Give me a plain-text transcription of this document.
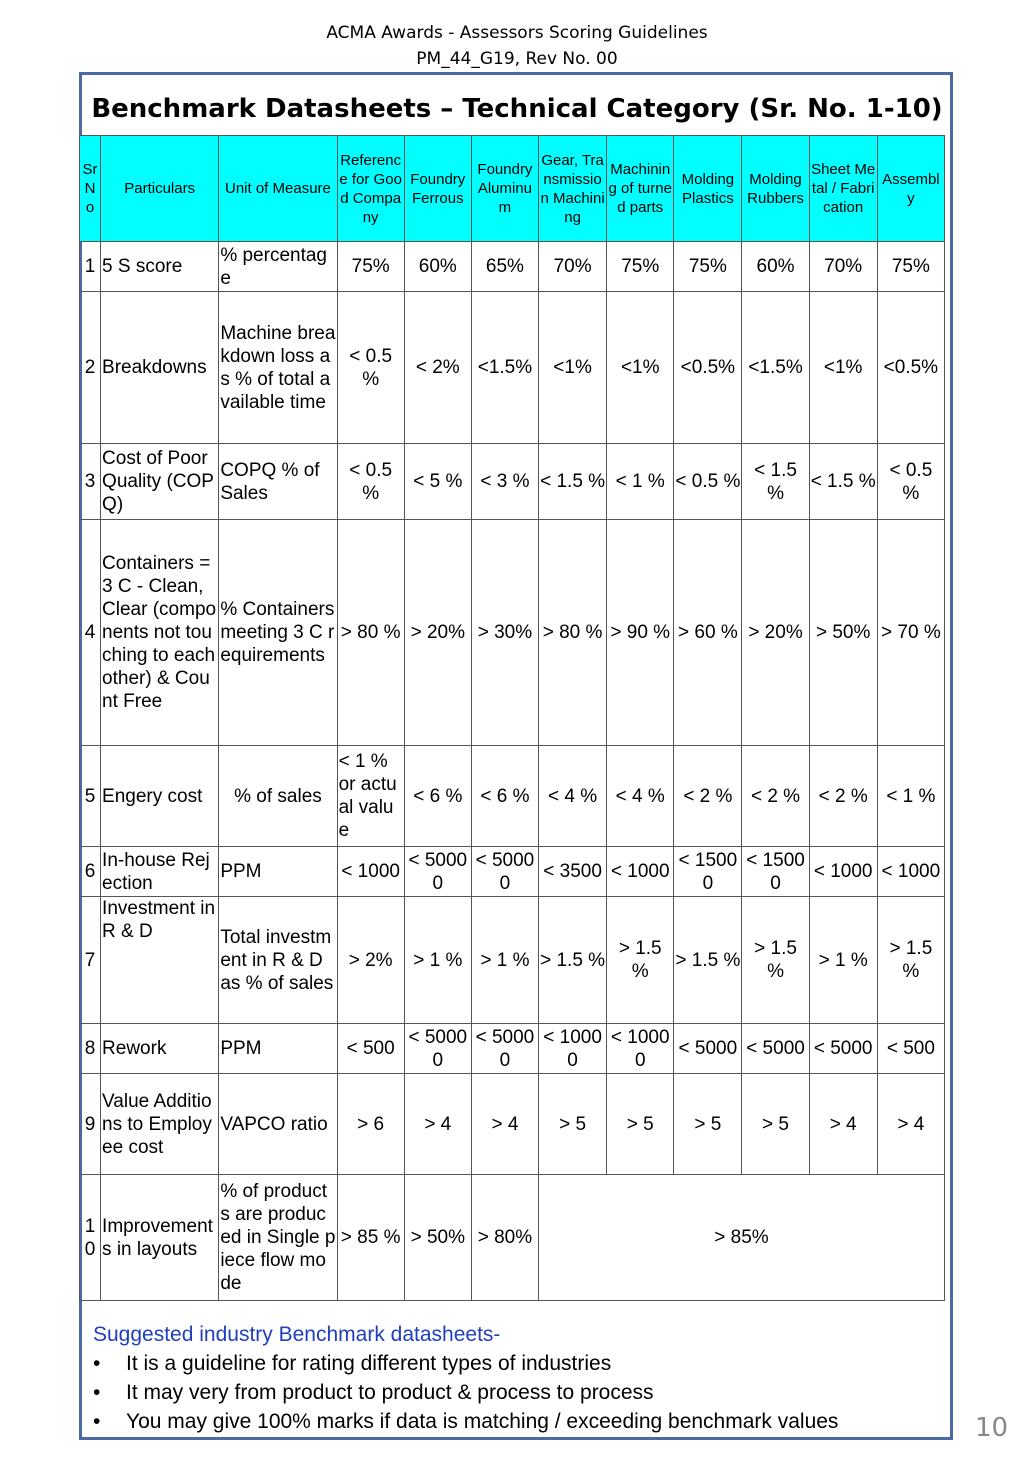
ACMA Awards - Assessors Scoring Guidelines
PM_44_G19, Rev No. 00
Benchmark Datasheets – Technical Category (Sr. No. 1-10)
Sr No	Particulars	Unit of Measure	Reference for Good Company	Foundry Ferrous	Foundry Aluminum	Gear, Transmission Machining	Machining of turned parts	Molding Plastics	Molding Rubbers	Sheet Metal / Fabrication	Assembly
1	5 S score	% percentage	75%	60%	65%	70%	75%	75%	60%	70%	75%
2	Breakdowns	Machine breakdown loss as % of total available time	< 0.5 %	< 2%	<1.5%	<1%	<1%	<0.5%	<1.5%	<1%	<0.5%
3	Cost of Poor Quality (COPQ)	COPQ % of Sales	< 0.5 %	< 5 %	< 3 %	< 1.5 %	< 1 %	< 0.5 %	< 1.5 %	< 1.5 %	< 0.5 %
4	Containers = 3 C - Clean, Clear (components not touching to each other) & Count Free	% Containers meeting 3 C requirements	> 80 %	> 20%	> 30%	> 80 %	> 90 %	> 60 %	> 20%	> 50%	> 70 %
5	Engery cost	% of sales	< 1 % or actual value	< 6 %	< 6 %	< 4 %	< 4 %	< 2 %	< 2 %	< 2 %	< 1 %
6	In-house Rejection	PPM	< 1000	< 50000	< 50000	< 3500	< 1000	< 15000	< 15000	< 1000	< 1000
7	Investment in R & D	Total investment in R & D as % of sales	> 2%	> 1 %	> 1 %	> 1.5 %	> 1.5 %	> 1.5 %	> 1.5 %	> 1 %	> 1.5 %
8	Rework	PPM	< 500	< 50000	< 50000	< 10000	< 10000	< 5000	< 5000	< 5000	< 500
9	Value Additions to Employee cost	VAPCO ratio	> 6	> 4	> 4	> 5	> 5	> 5	> 5	> 4	> 4
10	Improvements in layouts	% of products are produced in Single piece flow mode	> 85 %	> 50%	> 80%	> 85%					
Suggested industry Benchmark datasheets-
• It is a guideline for rating different types of industries
• It may very from product to product & process to process
• You may give 100% marks if data is matching / exceeding benchmark values	10
